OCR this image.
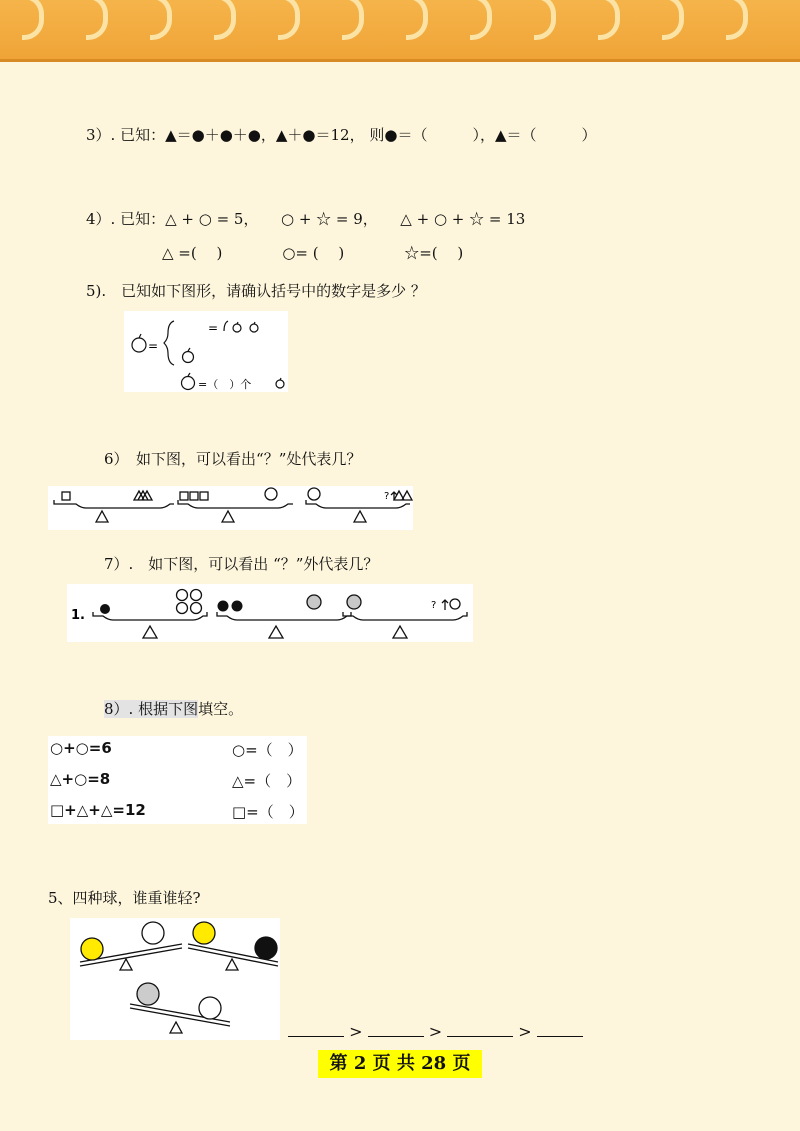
3）. 已知：▲＝●＋●＋●，▲＋●＝12， 则●＝（　　　），▲＝（　　　）
4）. 已知：△ + ○ = 5，　　○ + ☆ = 9，　　△ + ○ + ☆ = 13
△ =(　 )　　　　○= (　 )　　　　☆=(　 )
5).　已知如下图形，请确认括号中的数字是多少 ？
=
=
=（　）个
6）　如下图，可以看出“？”处代表几？
?
7）.　如下图，可以看出 “？”外代表几？
1.
?
8）. 根据下图填空。
○+○=6	○=（　）
△+○=8	△=（　）
□+△+△=12	□=（　）
5、四种球，谁重谁轻?
>	>	>
第 2 页 共 28 页
